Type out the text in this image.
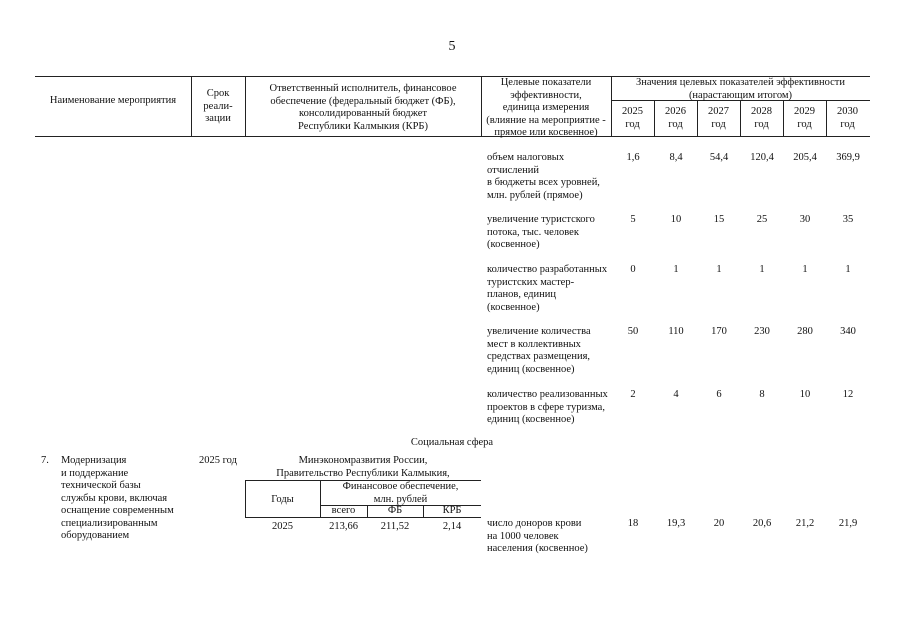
5
Наименование мероприятия
Срок
реали-
зации
Ответственный исполнитель, финансовое
обеспечение (федеральный бюджет (ФБ),
консолидированный бюджет
Республики Калмыкия (КРБ)
Целевые показатели
эффективности,
единица измерения
(влияние на мероприятие -
прямое или косвенное)
Значения целевых показателей эффективности
(нарастающим итогом)
2025
год
2026
год
2027
год
2028
год
2029
год
2030
год
объем налоговых
отчислений
в бюджеты всех уровней,
млн. рублей (прямое)
1,6	8,4	54,4	120,4	205,4	369,9
увеличение туристского
потока, тыс. человек
(косвенное)
5	10	15	25	30	35
количество разработанных
туристских мастер-
планов, единиц
(косвенное)
0	1	1	1	1	1
увеличение количества
мест в коллективных
средствах размещения,
единиц (косвенное)
50	110	170	230	280	340
количество реализованных
проектов в сфере туризма,
единиц (косвенное)
2	4	6	8	10	12
Социальная сфера
7.	Модернизация
и поддержание
технической базы
службы крови, включая
оснащение современным
специализированным
оборудованием
2025 год	Минэкономразвития России,
Правительство Республики Калмыкия,
Годы
Финансовое обеспечение,
млн. рублей
всего	ФБ	КРБ
2025	213,66	211,52	2,14	число доноров крови
на 1000 человек
населения (косвенное)
18	19,3	20	20,6	21,2	21,9
